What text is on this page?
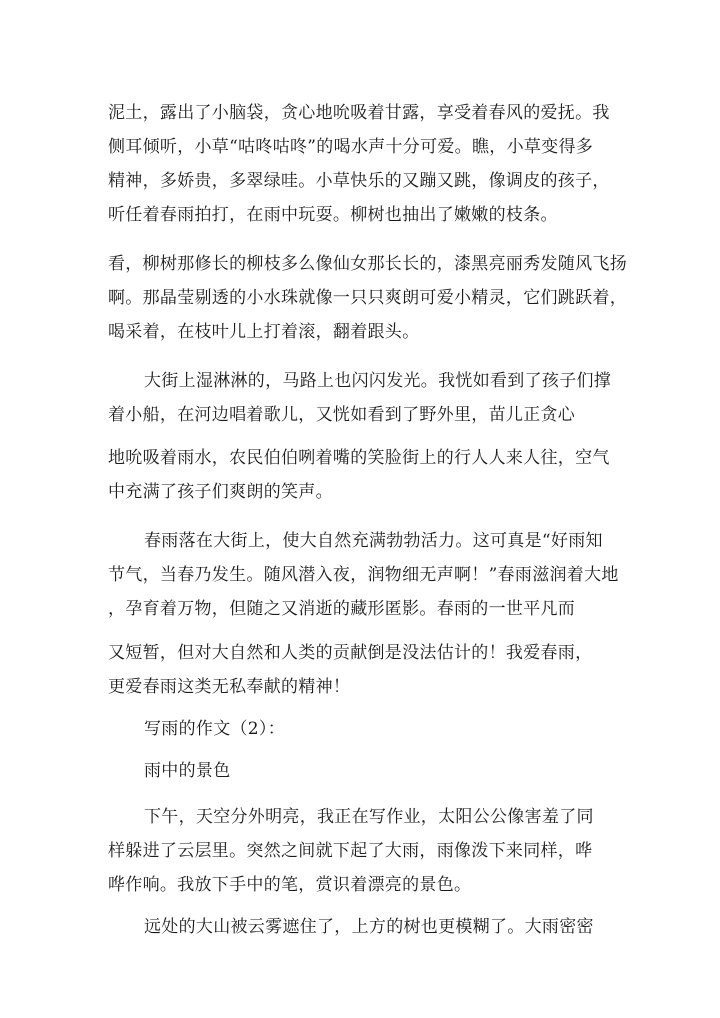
泥土，露出了小脑袋，贪心地吮吸着甘露，享受着春风的爱抚。我
侧耳倾听，小草“咕咚咕咚”的喝水声十分可爱。瞧，小草变得多
精神，多娇贵，多翠绿哇。小草快乐的又蹦又跳，像调皮的孩子，
听任着春雨拍打，在雨中玩耍。柳树也抽出了嫩嫩的枝条。
看，柳树那修长的柳枝多么像仙女那长长的，漆黑亮丽秀发随风飞扬
啊。那晶莹剔透的小水珠就像一只只爽朗可爱小精灵，它们跳跃着，
喝采着，在枝叶儿上打着滚，翻着跟头。
大街上湿淋淋的，马路上也闪闪发光。我恍如看到了孩子们撑
着小船，在河边唱着歌儿，又恍如看到了野外里，苗儿正贪心
地吮吸着雨水，农民伯伯咧着嘴的笑脸街上的行人人来人往，空气
中充满了孩子们爽朗的笑声。
春雨落在大街上，使大自然充满勃勃活力。这可真是“好雨知
节气，当春乃发生。随风潜入夜，润物细无声啊！”春雨滋润着大地
，孕育着万物，但随之又消逝的藏形匿影。春雨的一世平凡而
又短暂，但对大自然和人类的贡献倒是没法估计的！我爱春雨，
更爱春雨这类无私奉献的精神！
写雨的作文（2）：
雨中的景色
下午，天空分外明亮，我正在写作业，太阳公公像害羞了同
样躲进了云层里。突然之间就下起了大雨，雨像泼下来同样，哗
哗作响。我放下手中的笔，赏识着漂亮的景色。
远处的大山被云雾遮住了，上方的树也更模糊了。大雨密密
